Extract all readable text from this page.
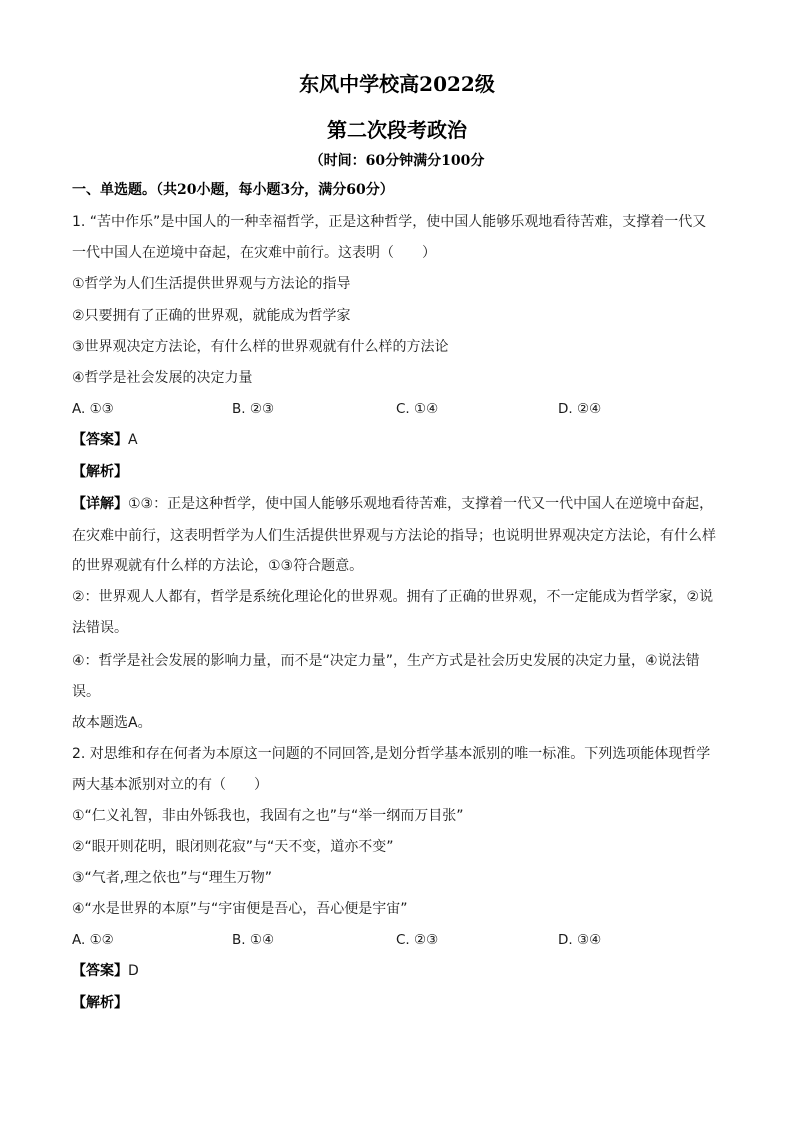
东风中学校高2022级
第二次段考政治
（时间：60分钟满分100分
一、单选题。（共20小题，每小题3分，满分60分）
1. “苦中作乐”是中国人的一种幸福哲学，正是这种哲学，使中国人能够乐观地看待苦难，支撑着一代又
一代中国人在逆境中奋起，在灾难中前行。这表明（　　）
①哲学为人们生活提供世界观与方法论的指导
②只要拥有了正确的世界观，就能成为哲学家
③世界观决定方法论，有什么样的世界观就有什么样的方法论
④哲学是社会发展的决定力量
A. ①③	B. ②③	C. ①④	D. ②④
【答案】A
【解析】
【详解】①③：正是这种哲学，使中国人能够乐观地看待苦难，支撑着一代又一代中国人在逆境中奋起，
在灾难中前行，这表明哲学为人们生活提供世界观与方法论的指导；也说明世界观决定方法论，有什么样
的世界观就有什么样的方法论，①③符合题意。
②：世界观人人都有，哲学是系统化理论化的世界观。拥有了正确的世界观，不一定能成为哲学家，②说
法错误。
④：哲学是社会发展的影响力量，而不是“决定力量”，生产方式是社会历史发展的决定力量，④说法错
误。
故本题选A。
2. 对思维和存在何者为本原这一问题的不同回答,是划分哲学基本派别的唯一标准。下列选项能体现哲学
两大基本派别对立的有（　　）
①“仁义礼智，非由外铄我也，我固有之也”与“举一纲而万目张”
②“眼开则花明，眼闭则花寂”与“天不变，道亦不变”
③“气者,理之依也”与“理生万物”
④“水是世界的本原”与“宇宙便是吾心，吾心便是宇宙”
A. ①②	B. ①④	C. ②③	D. ③④
【答案】D
【解析】
